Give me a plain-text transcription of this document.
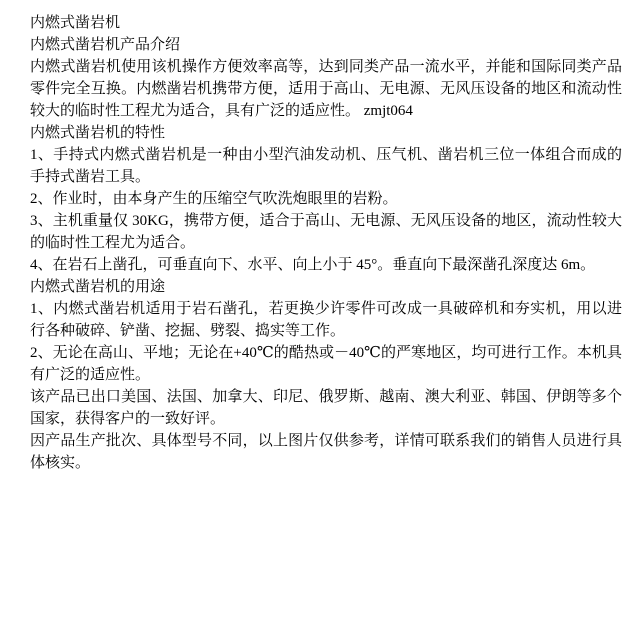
内燃式凿岩机
内燃式凿岩机产品介绍

内燃式凿岩机使用该机操作方便效率高等，达到同类产品一流水平，并能和国际同类产品零件完全互换。内燃凿岩机携带方便，适用于高山、无电源、无风压设备的地区和流动性较大的临时性工程尤为适合，具有广泛的适应性。 zmjt064

内燃式凿岩机的特性

1、手持式内燃式凿岩机是一种由小型汽油发动机、压气机、凿岩机三位一体组合而成的手持式凿岩工具。

2、作业时，由本身产生的压缩空气吹洗炮眼里的岩粉。

3、主机重量仅 30KG，携带方便，适合于高山、无电源、无风压设备的地区，流动性较大的临时性工程尤为适合。

4、在岩石上凿孔，可垂直向下、水平、向上小于 45°。垂直向下最深凿孔深度达 6m。

内燃式凿岩机的用途

1、内燃式凿岩机适用于岩石凿孔，若更换少许零件可改成一具破碎机和夯实机，用以进行各种破碎、铲凿、挖掘、劈裂、捣实等工作。

2、无论在高山、平地；无论在+40℃的酷热或－40℃的严寒地区，均可进行工作。本机具有广泛的适应性。

该产品已出口美国、法国、加拿大、印尼、俄罗斯、越南、澳大利亚、韩国、伊朗等多个国家，获得客户的一致好评。

因产品生产批次、具体型号不同，以上图片仅供参考，详情可联系我们的销售人员进行具体核实。
